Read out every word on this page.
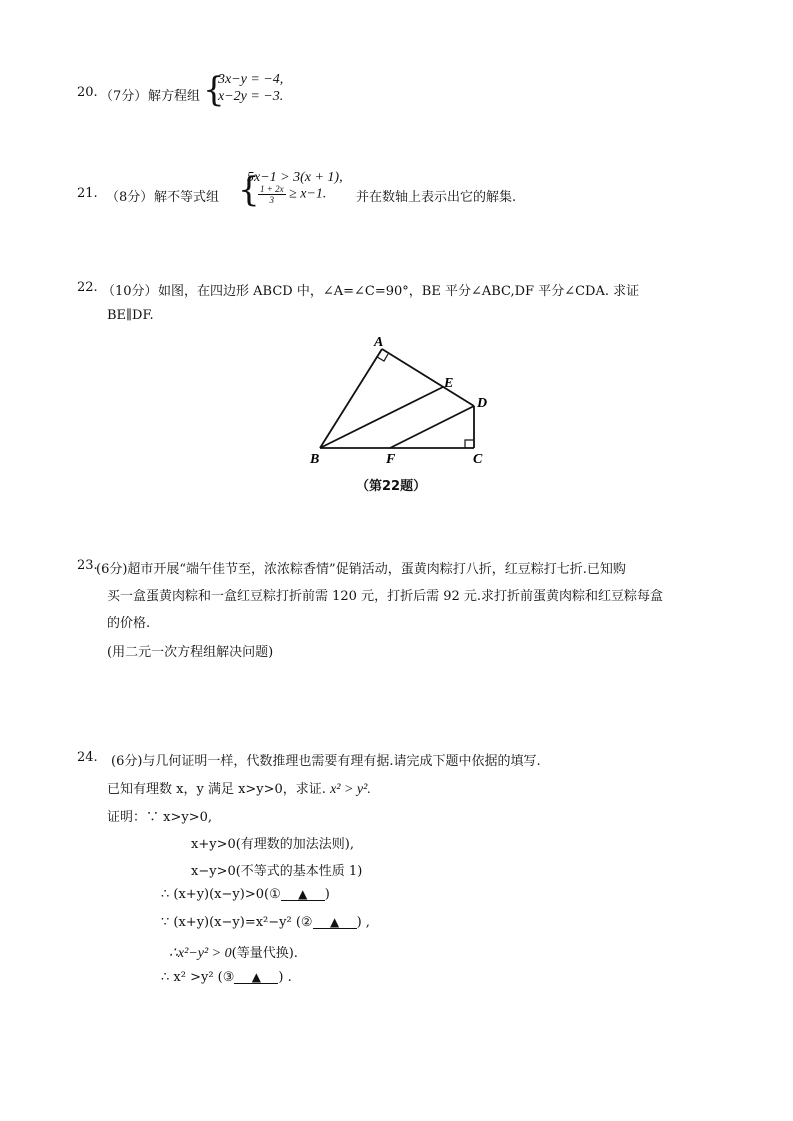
20. （7分） 解方程组 {
3x−y = −4,
x−2y = −3.
21. （8分） 解不等式组 {
5x−1 > 3(x + 1),
$\frac{1 + 2x}{3} \ge x-1$. 并在数轴上表示出它的解集.
22. （10分） 如图，在四边形 ABCD 中，∠A=∠C=90°，BE 平分∠ABC,DF 平分∠CDA. 求证
BE∥DF.
A
B	C
D
E
F
（第22题）
23.
(6分)超市开展“端午佳节至，浓浓粽香情”促销活动，蛋黄肉粽打八折，红豆粽打七折.已知购
买一盒蛋黄肉粽和一盒红豆粽打折前需 120 元，打折后需 92 元.求打折前蛋黄肉粽和红豆粽每盒
的价格.
(用二元一次方程组解决问题)
24. (6分)与几何证明一样，代数推理也需要有理有据.请完成下题中依据的填写.
已知有理数 x，y 满足 x>y>0，求证. x² > y².
证明：∵ x>y>0,
x+y>0(有理数的加法法则),
x−y>0(不等式的基本性质 1)
∴ (x+y)(x−y)>0(① ▲ )
∵ (x+y)(x−y)=x²−y² (② ▲ ) ,
∴x²−y² > 0(等量代换).
∴ x² >y² (③ ▲ ) .
